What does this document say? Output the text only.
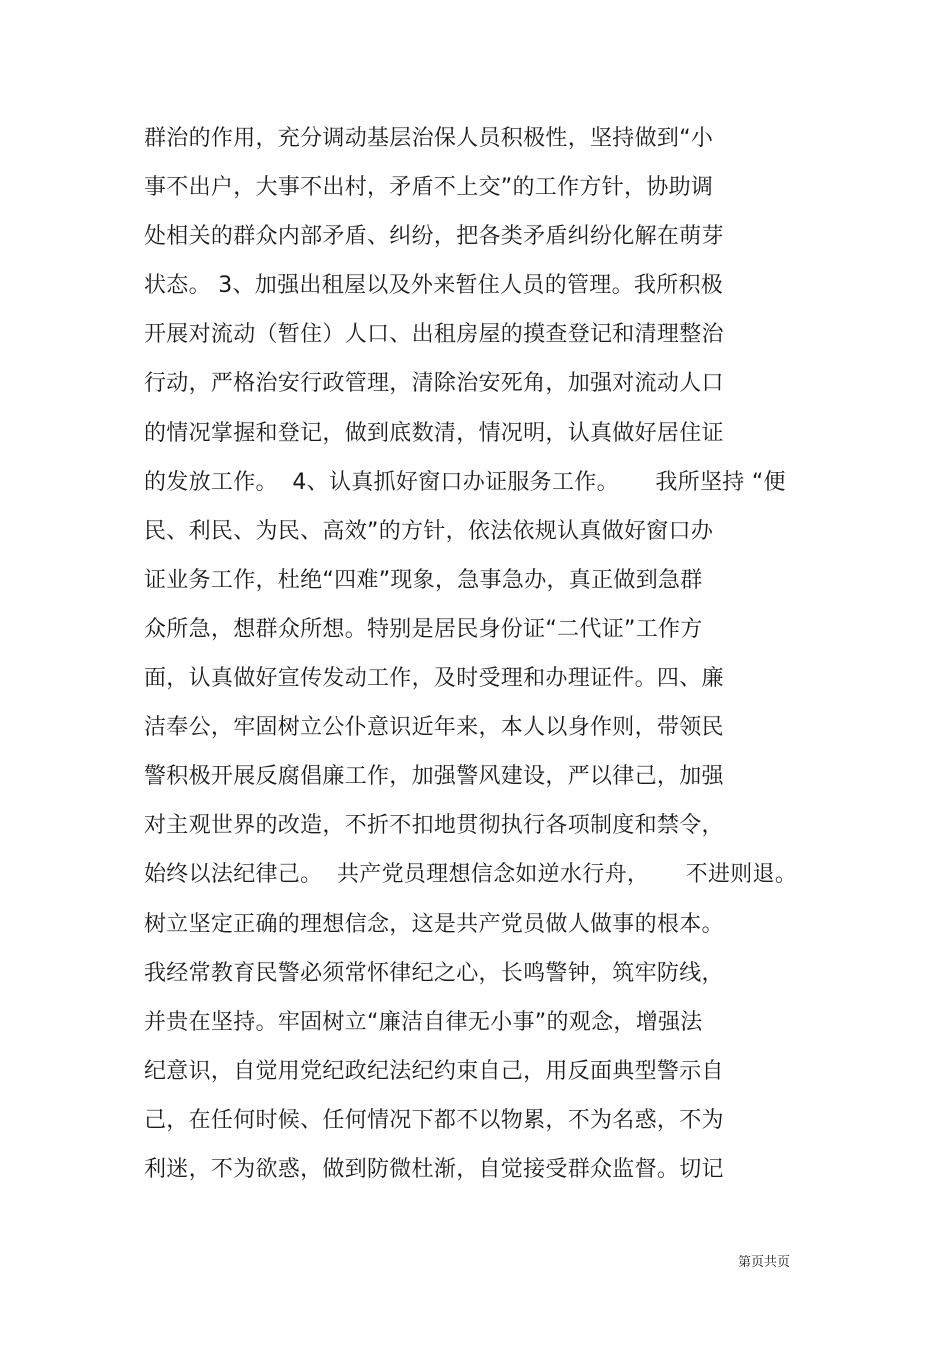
群治的作用，充分调动基层治保人员积极性，坚持做到“小
事不出户，大事不出村，矛盾不上交”的工作方针，协助调
处相关的群众内部矛盾、纠纷，把各类矛盾纠纷化解在萌芽
状态。 3、加强出租屋以及外来暂住人员的管理。我所积极
开展对流动（暂住）人口、出租房屋的摸查登记和清理整治
行动，严格治安行政管理，清除治安死角，加强对流动人口
的情况掌握和登记，做到底数清，情况明，认真做好居住证
的发放工作。  4、认真抓好窗口办证服务工作。     我所坚持 “便
民、利民、为民、高效”的方针，依法依规认真做好窗口办
证业务工作，杜绝“四难”现象，急事急办，真正做到急群
众所急，想群众所想。特别是居民身份证“二代证”工作方
面，认真做好宣传发动工作，及时受理和办理证件。四、廉
洁奉公，牢固树立公仆意识近年来，本人以身作则，带领民
警积极开展反腐倡廉工作，加强警风建设，严以律己，加强
对主观世界的改造，不折不扣地贯彻执行各项制度和禁令，
始终以法纪律己。  共产党员理想信念如逆水行舟，     不进则退。
树立坚定正确的理想信念，这是共产党员做人做事的根本。
我经常教育民警必须常怀律纪之心，长鸣警钟，筑牢防线，
并贵在坚持。牢固树立“廉洁自律无小事”的观念，增强法
纪意识，自觉用党纪政纪法纪约束自己，用反面典型警示自
己，在任何时候、任何情况下都不以物累，不为名惑，不为
利迷，不为欲惑，做到防微杜渐，自觉接受群众监督。切记
第页共页
